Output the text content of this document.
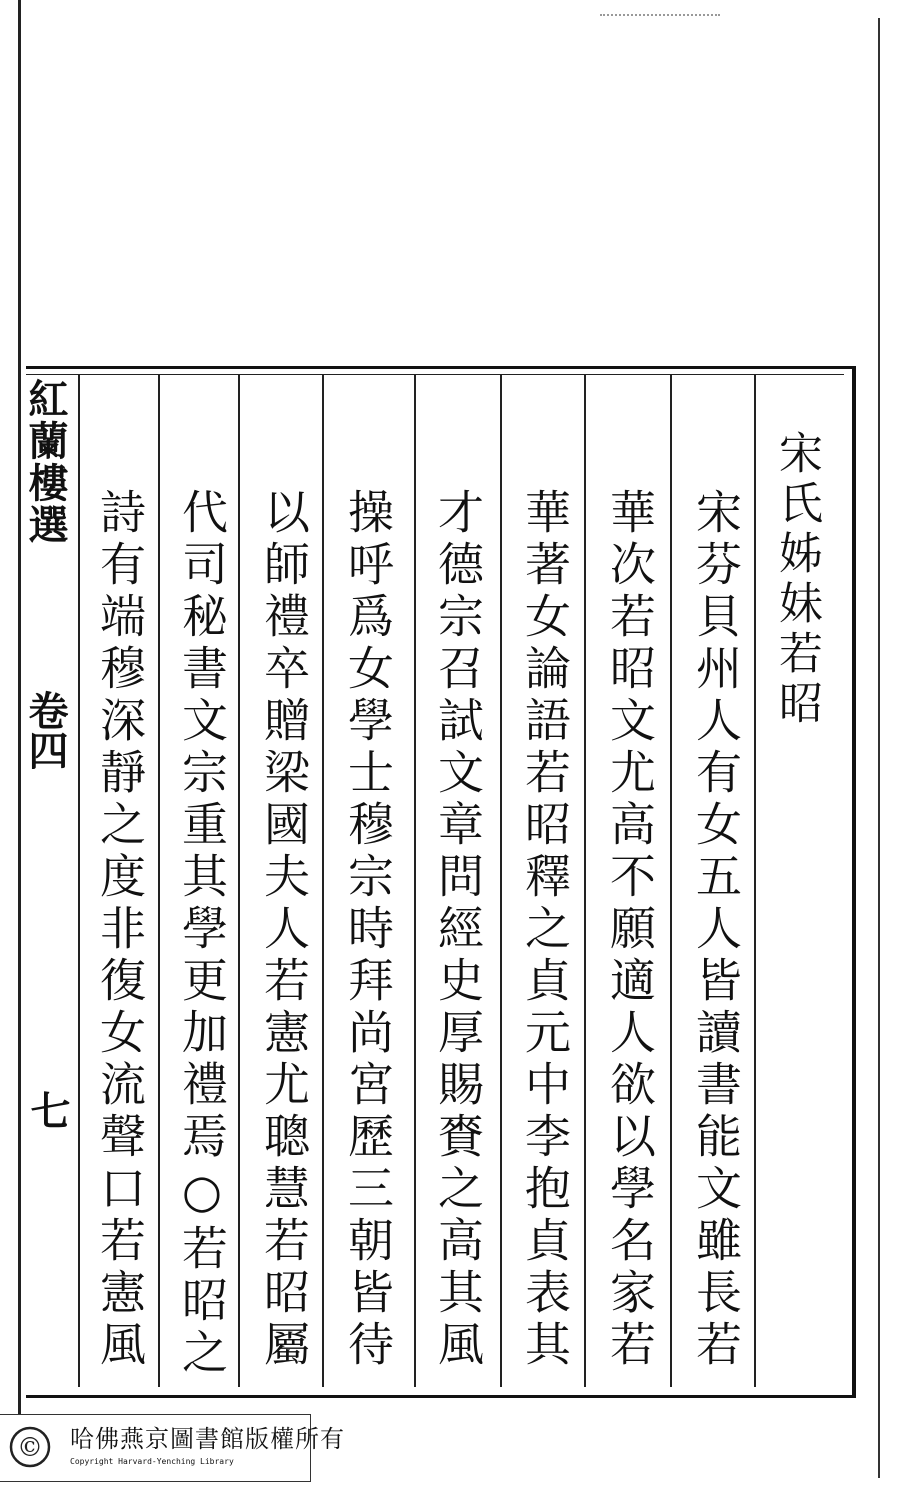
紅蘭樓選
卷四
七
宋氏姊妹若昭
宋芬貝州人有女五人皆讀書能文雖長若
華次若昭文尤高不願適人欲以學名家若
華著女論語若昭釋之貞元中李抱貞表其
才德宗召試文章問經史厚賜賚之高其風
操呼爲女學士穆宗時拜尚宮歷三朝皆待
以師禮卒贈梁國夫人若憲尤聰慧若昭屬
代司秘書文宗重其學更加禮焉○若昭之
詩有端穆深靜之度非復女流聲口若憲風
© 哈佛燕京圖書館版權所有
Copyright Harvard-Yenching Library
